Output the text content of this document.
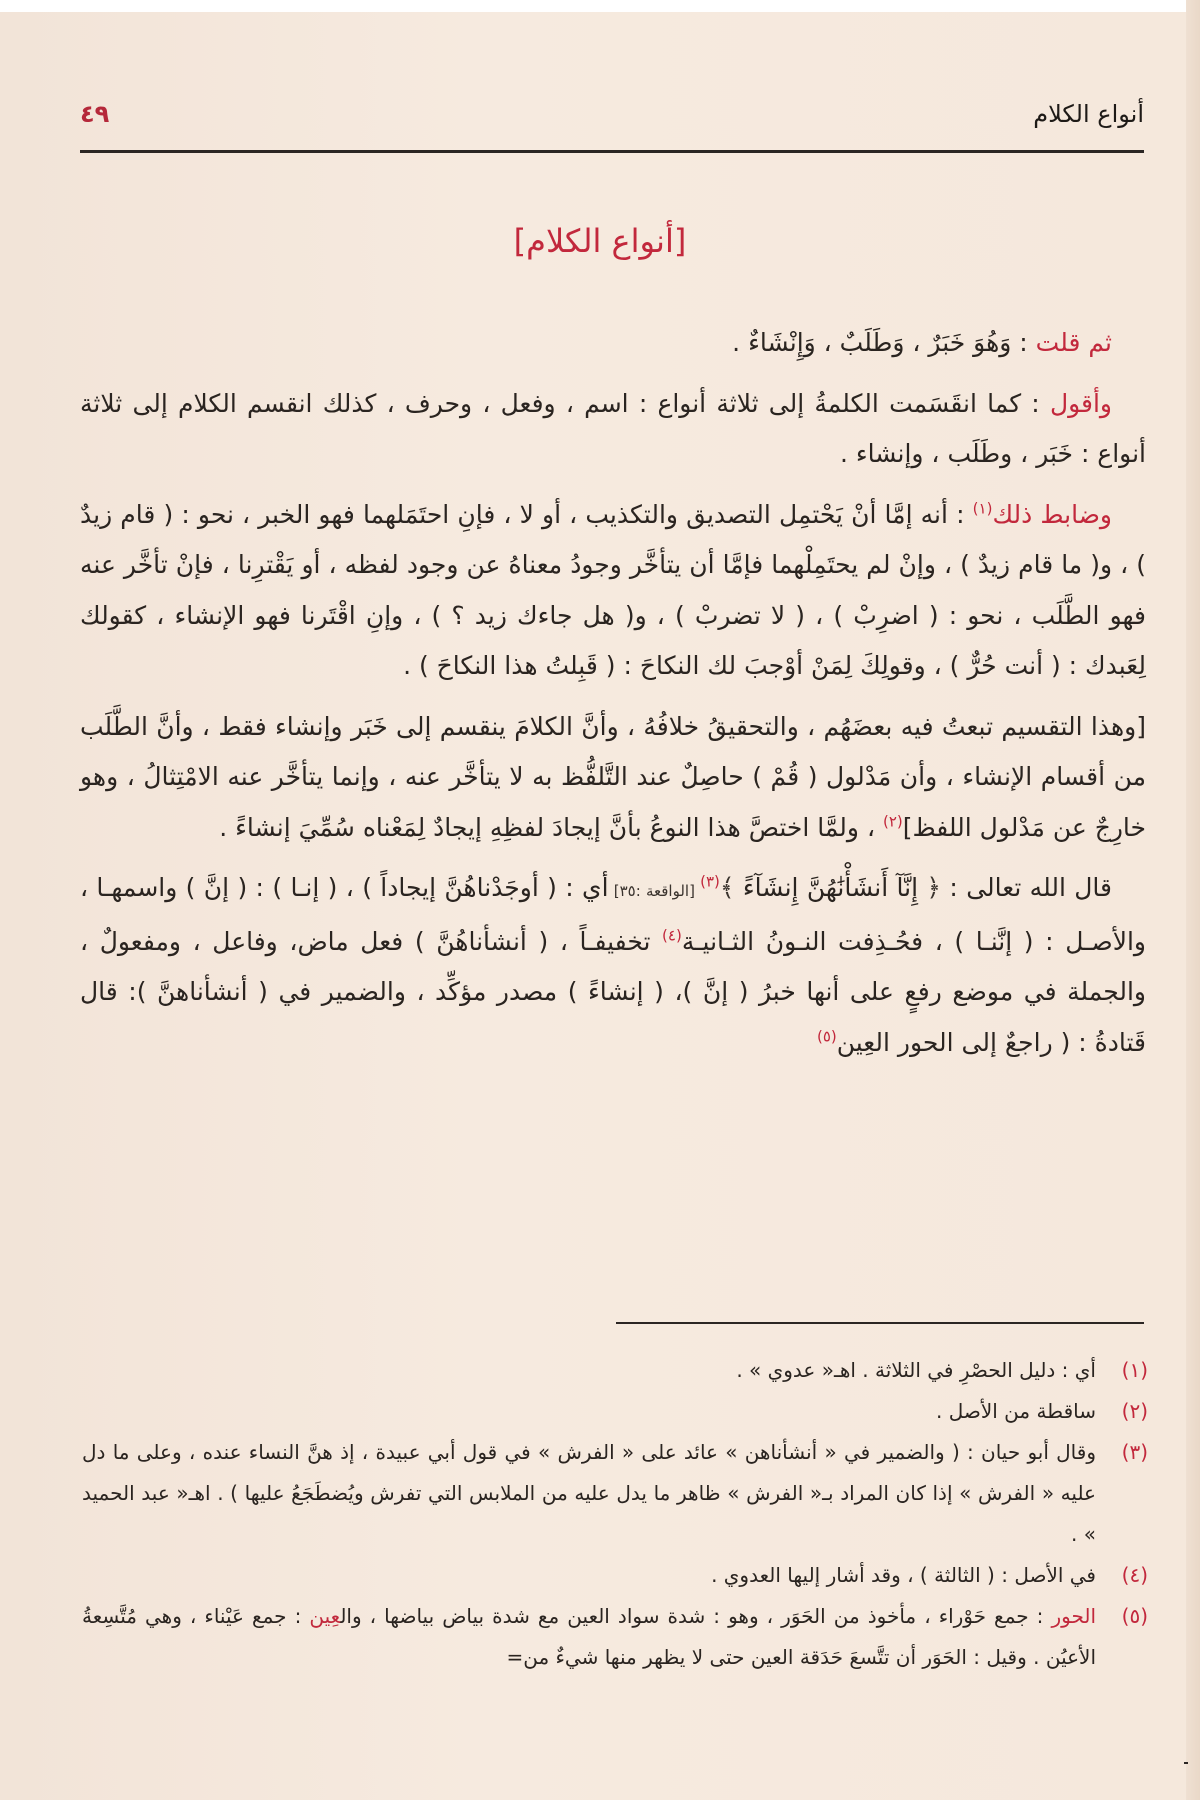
أنواع الكلام
٤٩
[أنواع الكلام]

ثم قلت : وَهُوَ خَبَرٌ ، وَطَلَبٌ ، وَإِنْشَاءٌ .

وأقول : كما انقَسَمت الكلمةُ إلى ثلاثة أنواع : اسم ، وفعل ، وحرف ، كذلك انقسم الكلام إلى ثلاثة أنواع : خَبَر ، وطَلَب ، وإنشاء .

وضابط ذلك$^{(١)}$ : أنه إمَّا أنْ يَحْتمِل التصديق والتكذيب ، أو لا ، فإنِ احتَمَلهما فهو الخبر ، نحو : ( قام زيدٌ ) ، و( ما قام زيدٌ ) ، وإنْ لم يحتَمِلْهما فإمَّا أن يتأخَّر وجودُ معناهُ عن وجود لفظه ، أو يَقْترِنا ، فإنْ تأخَّر عنه فهو الطَّلَب ، نحو : ( اضرِبْ ) ، ( لا تضربْ ) ، و( هل جاءك زيد ؟ ) ، وإنِ اقْتَرنا فهو الإنشاء ، كقولك لِعَبدك : ( أنت حُرٌّ ) ، وقولِكَ لِمَنْ أوْجبَ لك النكاحَ : ( قَبِلتُ هذا النكاحَ ) .

[وهذا التقسيم تبعتُ فيه بعضَهُم ، والتحقيقُ خلافُهُ ، وأنَّ الكلامَ ينقسم إلى خَبَر وإنشاء فقط ، وأنَّ الطَّلَب من أقسام الإنشاء ، وأن مَدْلول ( قُمْ ) حاصِلٌ عند التَّلفُّظ به لا يتأخَّر عنه ، وإنما يتأخَّر عنه الامْتِثالُ ، وهو خارِجٌ عن مَدْلول اللفظ]$^{(٢)}$ ، ولمَّا اختصَّ هذا النوعُ بأنَّ إيجادَ لفظِهِ إيجادٌ لِمَعْناه سُمِّيَ إنشاءً .

قال الله تعالى : ﴿ إِنَّآ أَنشَأْنَٰهُنَّ إِنشَآءً ﴾$^{(٣)}$ [الواقعة :٣٥] أي : ( أوجَدْناهُنَّ إيجاداً ) ، ( إنـا ) : ( إنَّ ) واسمهـا ، والأصـل : ( إنَّنـا ) ، فحُـذِفت النـونُ الثـانيـة$^{(٤)}$ تخفيفـاً ، ( أنشأناهُنَّ ) فعل ماض، وفاعل ، ومفعولٌ ، والجملة في موضع رفعٍ على أنها خبرُ ( إنَّ )، ( إنشاءً ) مصدر مؤكِّد ، والضمير في ( أنشأناهنَّ ): قال قَتادةُ : ( راجعٌ إلى الحور العِين$^{(٥)}$

(١)
أي : دليل الحصْرِ في الثلاثة . اهـ« عدوي » .
(٢)
ساقطة من الأصل .
(٣)
وقال أبو حيان : ( والضمير في « أنشأناهن » عائد على « الفرش » في قول أبي عبيدة ، إذ هنَّ النساء عنده ، وعلى ما دل عليه « الفرش » إذا كان المراد بـ« الفرش » ظاهر ما يدل عليه من الملابس التي تفرش ويُضطَجَعُ عليها ) . اهـ« عبد الحميد » .
(٤)
في الأصل : ( الثالثة ) ، وقد أشار إليها العدوي .
(٥)
الحور : جمع حَوْراء ، مأخوذ من الحَوَر ، وهو : شدة سواد العين مع شدة بياض بياضها ، والعِين : جمع عَيْناء ، وهي مُتَّسِعةُ الأعيُن . وقيل : الحَوَر أن تتَّسعَ حَدَقة العين حتى لا يظهر منها شيءٌ من=
